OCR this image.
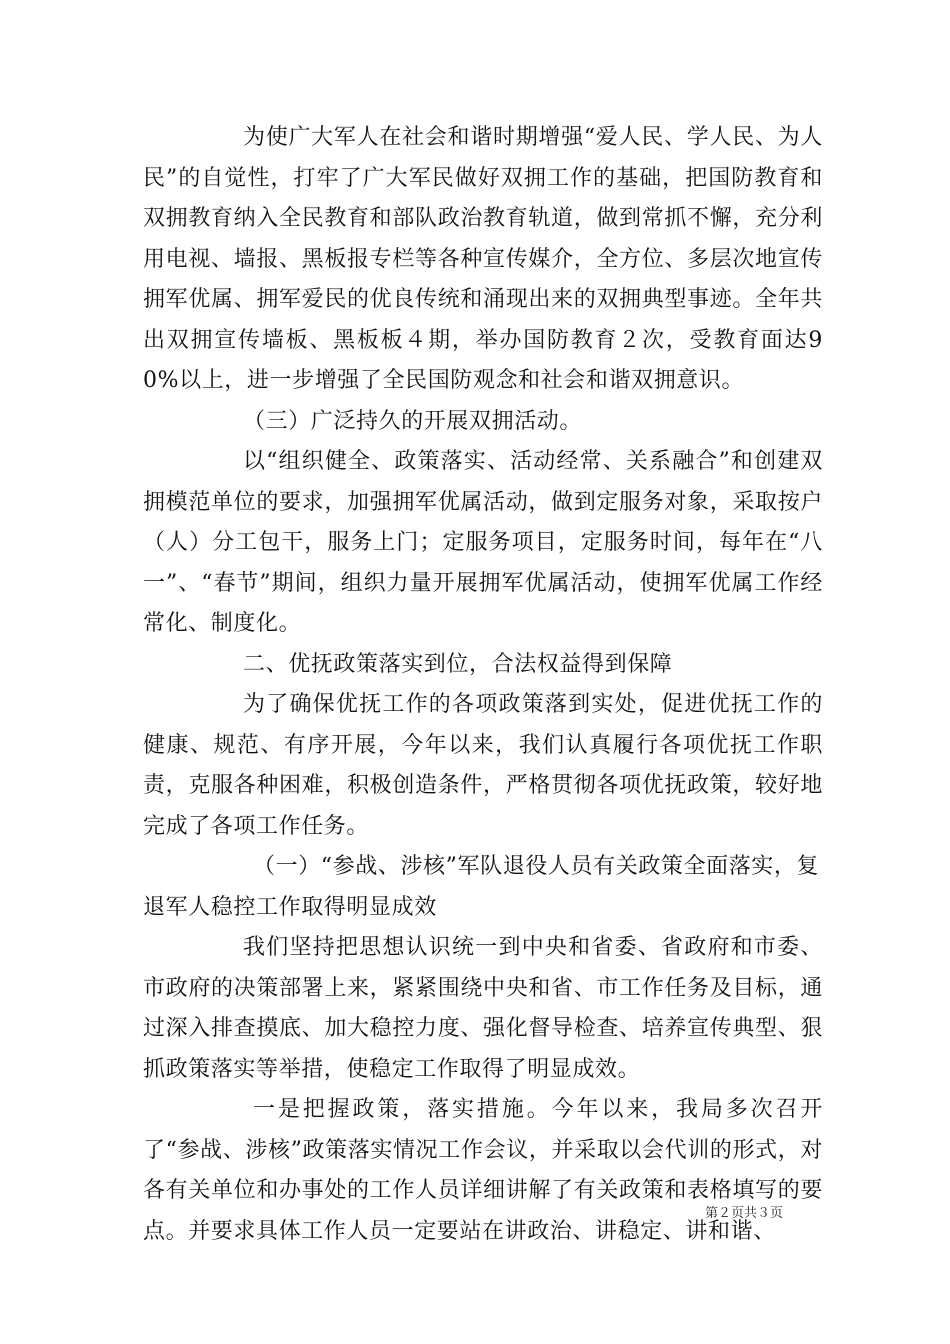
为使广大军人在社会和谐时期增强“爱人民、学人民、为人民”的自觉性，打牢了广大军民做好双拥工作的基础，把国防教育和双拥教育纳入全民教育和部队政治教育轨道，做到常抓不懈，充分利用电视、墙报、黑板报专栏等各种宣传媒介，全方位、多层次地宣传拥军优属、拥军爱民的优良传统和涌现出来的双拥典型事迹。全年共出双拥宣传墙板、黑板板４期，举办国防教育２次，受教育面达90%以上，进一步增强了全民国防观念和社会和谐双拥意识。

（三）广泛持久的开展双拥活动。

以“组织健全、政策落实、活动经常、关系融合”和创建双拥模范单位的要求，加强拥军优属活动，做到定服务对象，采取按户（人）分工包干，服务上门；定服务项目，定服务时间，每年在“八一”、“春节”期间，组织力量开展拥军优属活动，使拥军优属工作经常化、制度化。

二、优抚政策落实到位，合法权益得到保障

为了确保优抚工作的各项政策落到实处，促进优抚工作的健康、规范、有序开展，今年以来，我们认真履行各项优抚工作职责，克服各种困难，积极创造条件，严格贯彻各项优抚政策，较好地完成了各项工作任务。

（一）“参战、涉核”军队退役人员有关政策全面落实，复退军人稳控工作取得明显成效

我们坚持把思想认识统一到中央和省委、省政府和市委、市政府的决策部署上来，紧紧围绕中央和省、市工作任务及目标，通过深入排查摸底、加大稳控力度、强化督导检查、培养宣传典型、狠抓政策落实等举措，使稳定工作取得了明显成效。

一是把握政策，落实措施。今年以来，我局多次召开了“参战、涉核”政策落实情况工作会议，并采取以会代训的形式，对各有关单位和办事处的工作人员详细讲解了有关政策和表格填写的要点。并要求具体工作人员一定要站在讲政治、讲稳定、讲和谐、

第２页共３页
